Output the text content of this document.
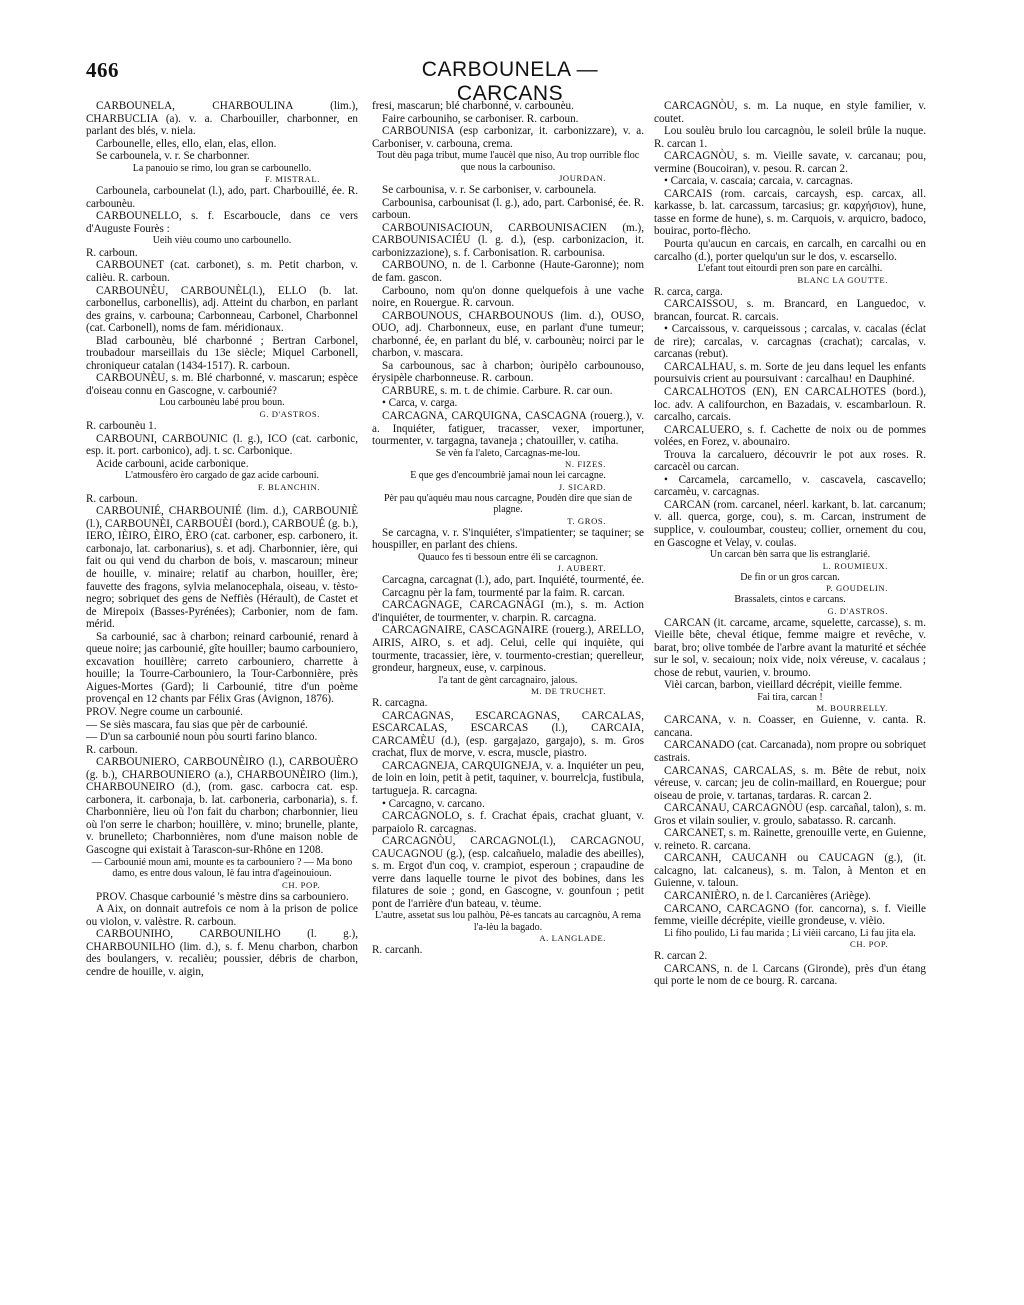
466	CARBOUNELA — CARCANS

CARBOUNELA, CHARBOULINA (lim.), CHARBUCLIA (a). v. a. Charbouiller, charbonner, en parlant des blés, v. niela.

Carbounelle, elles, ello, elan, elas, ellon.

Se carbounela, v. r. Se charbonner.

La panouio se rimo, lou gran se carbounello.

F. MISTRAL.

Carbounela, carbounelat (l.), ado, part. Charbouillé, ée. R. carbounèu.

CARBOUNELLO, s. f. Escarboucle, dans ce vers d'Auguste Fourès :

Ueih vièu coumo uno carbounello.

R. carboun.

CARBOUNET (cat. carbonet), s. m. Petit charbon, v. calièu. R. carboun.

CARBOUNÈU, CARBOUNÈL(l.), ELLO (b. lat. carbonellus, carbonellis), adj. Atteint du charbon, en parlant des grains, v. carbouna; Carbonneau, Carbonel, Charbonnel (cat. Carbonell), noms de fam. méridionaux.

Blad carbounèu, blé charbonné ; Bertran Carbonel, troubadour marseillais du 13e siècle; Miquel Carbonell, chroniqueur catalan (1434-1517). R. carboun.

CARBOUNÈU, s. m. Blé charbonné, v. mascarun; espèce d'oiseau connu en Gascogne, v. carbounié?

Lou carbounèu labé prou boun.

G. D'ASTROS.

R. carbounèu 1.

CARBOUNI, CARBOUNIC (l. g.), ICO (cat. carbonic, esp. it. port. carbonico), adj. t. sc. Carbonique.

Acide carbouni, acide carbonique.

L'atmousfèro èro cargado de gaz acide carbouni.

F. BLANCHIN.

R. carboun.

CARBOUNIÉ, CHARBOUNIÉ (lim. d.), CARBOUNIÈ (l.), CARBOUNÈI, CARBOUÈI (bord.), CARBOUÉ (g. b.), IERO, IÈIRO, ÈIRO, ÈRO (cat. carboner, esp. carbonero, it. carbonajo, lat. carbonarius), s. et adj. Charbonnier, ière, qui fait ou qui vend du charbon de bois, v. mascaroun; mineur de houille, v. minaire; relatif au charbon, houiller, ère; fauvette des fragons, sylvia melanocephala, oiseau, v. tèsto-negro; sobriquet des gens de Neffiès (Hérault), de Castet et de Mirepoix (Basses-Pyrénées); Carbonier, nom de fam. mérid.

Sa carbounié, sac à charbon; reinard carbounié, renard à queue noire; jas carbounié, gîte houiller; baumo carbouniero, excavation houillère; carreto carbouniero, charrette à houille; la Tourre-Carbouniero, la Tour-Carbonnière, près Aigues-Mortes (Gard); li Carbounié, titre d'un poème provençal en 12 chants par Félix Gras (Avignon, 1876).

PROV. Negre coume un carbounié.

— Se siès mascara, fau sias que pèr de carbounié.

— D'un sa carbounié noun pòu sourti farino blanco.

R. carboun.

CARBOUNIERO, CARBOUNÈIRO (l.), CARBOUÈRO (g. b.), CHARBOUNIERO (a.), CHARBOUNÈIRO (lim.), CHARBOUNEIRO (d.), (rom. gasc. carbocra cat. esp. carbonera, it. carbonaja, b. lat. carboneria, carbonaria), s. f. Charbonnière, lieu où l'on fait du charbon; charbonnier, lieu où l'on serre le charbon; houillère, v. mino; brunelle, plante, v. brunelleto; Charbonnières, nom d'une maison noble de Gascogne qui existait à Tarascon-sur-Rhône en 1208.

— Carbounié moun ami, mounte es ta carbouniero ? — Ma bono damo, es entre dous valoun, Iè fau intra d'ageinouioun.

CH. POP.

PROV. Chasque carbounié 's mèstre dins sa carbouniero.

A Aix, on donnait autrefois ce nom à la prison de police ou violon, v. valèstre. R. carboun.

CARBOUNIHO, CARBOUNILHO (l. g.), CHARBOUNILHO (lim. d.), s. f. Menu charbon, charbon des boulangers, v. recalièu; poussier, débris de charbon, cendre de houille, v. aigin,

fresi, mascarun; blé charbonné, v. carbounèu.

Faire carbouniho, se carboniser. R. carboun.

CARBOUNISA (esp carbonizar, it. carbonizzare), v. a. Carboniser, v. carbouna, crema.

Tout dèu paga tribut, mume l'aucèl que niso, Au trop ourrible floc que nous la carbouniso.

JOURDAN.

Se carbounisa, v. r. Se carboniser, v. carbounela.

Carbounisa, carbounisat (l. g.), ado, part. Carbonisé, ée. R. carboun.

CARBOUNISACIOUN, CARBOUNISACIEN (m.), CARBOUNISACIÉU (l. g. d.), (esp. carbonizacion, it. carbonizzazione), s. f. Carbonisation. R. carbounisa.

CARBOUNO, n. de l. Carbonne (Haute-Garonne); nom de fam. gascon.

Carbouno, nom qu'on donne quelquefois à une vache noire, en Rouergue. R. carvoun.

CARBOUNOUS, CHARBOUNOUS (lim. d.), OUSO, OUO, adj. Charbonneux, euse, en parlant d'une tumeur; charbonné, ée, en parlant du blé, v. carbounèu; noirci par le charbon, v. mascara.

Sa carbounous, sac à charbon; òuripèlo carbounouso, érysipèle charbonneuse. R. carboun.

CARBURE, s. m. t. de chimie. Carbure. R. car oun.

• Carca, v. carga.

CARCAGNA, CARQUIGNA, CASCAGNA (rouerg.), v. a. Inquiéter, fatiguer, tracasser, vexer, importuner, tourmenter, v. targagna, tavanejа ; chatouiller, v. catiha.

Se vèn fa l'aleto, Carcagnas-me-lou.

N. FIZES.

E que ges d'encoumbriè jamai noun lei carcagne.

J. SICARD.

Pèr pau qu'aquéu mau nous carcagne, Poudèn dire que sian de plagne.

T. GROS.

Se carcagna, v. r. S'inquiéter, s'impatienter; se taquiner; se houspiller, en parlant des chiens.

Quauco fes ti bessoun entre éli se carcagnon.

J. AUBERT.

Carcagna, carcagnat (l.), ado, part. Inquiété, tourmenté, ée.

Carcagnu pèr la fam, tourmenté par la faim. R. carcan.

CARCAGNAGE, CARCAGNÀGI (m.), s. m. Action d'inquiéter, de tourmenter, v. charpin. R. carcagna.

CARCAGNAIRE, CASCAGNAIRE (rouerg.), ARELLO, AIRIS, AIRO, s. et adj. Celui, celle qui inquiète, qui tourmente, tracassier, ière, v. tourmento-crestian; querelleur, grondeur, hargneux, euse, v. carpinous.

l'a tant de gènt carcagnairo, jalous.

M. DE TRUCHET.

R. carcagna.

CARCAGNAS, ESCARCAGNAS, CARCALAS, ESCARCALAS, ESCARCAS (l.), CARCAIA, CARCAMÈU (d.), (esp. gargajazo, gargajo), s. m. Gros crachat, flux de morve, v. escra, muscle, piastro.

CARCAGNEJA, CARQUIGNEJA, v. a. Inquiéter un peu, de loin en loin, petit à petit, taquiner, v. bourrelcja, fustibula, tartugueja. R. carcagna.

• Carcagno, v. carcano.

CARCAGNOLO, s. f. Crachat épais, crachat gluant, v. parpaiolo R. carcagnas.

CARCAGNÒU, CARCAGNOL(l.), CARCAGNOU, CAUCAGNOU (g.), (esp. calcañuelo, maladie des abeilles), s. m. Ergot d'un coq, v. crampiot, esperoun ; crapaudine de verre dans laquelle tourne le pivot des bobines, dans les filatures de soie ; gond, en Gascogne, v. gounfoun ; petit pont de l'arrière d'un bateau, v. tèume.

L'autre, assetat sus lou palhòu, Pè-es tancats au carcagnòu, A rema l'a-lèu la bagado.

A. LANGLADE.

R. carcanh.

CARCAGNÒU, s. m. La nuque, en style familier, v. coutet.

Lou soulèu brulo lou carcagnòu, le soleil brûle la nuque. R. carcan 1.

CARCAGNÒU, s. m. Vieille savate, v. carcanau; pou, vermine (Boucoiran), v. pesou. R. carcan 2.

• Carcaia, v. cascaia; carcaia, v. carcagnas.

CARCAIS (rom. carcais, carcaysh, esp. carcax, all. karkasse, b. lat. carcassum, tarcasius; gr. καρχήσιον), hune, tasse en forme de hune), s. m. Carquois, v. arquicro, badoco, bouirac, porto-flècho.

Pourta qu'aucun en carcais, en carcalh, en carcalhi ou en carcalho (d.), porter quelqu'un sur le dos, v. escarsello.

L'efant tout eitourdi pren son pare en carcàlhi.

BLANC LA GOUTTE.

R. carca, carga.

CARCAISSOU, s. m. Brancard, en Languedoc, v. brancan, fourcat. R. carcais.

• Carcaissous, v. carqueissous ; carcalas, v. cacalas (éclat de rire); carcalas, v. carcagnas (crachat); carcalas, v. carcanas (rebut).

CARCALHAU, s. m. Sorte de jeu dans lequel les enfants poursuivis crient au poursuivant : carcalhau! en Dauphiné.

CARCALHOTOS (EN), EN CARCALHOTES (bord.), loc. adv. A califourchon, en Bazadais, v. escambarloun. R. carcalho, carcais.

CARCALUERO, s. f. Cachette de noix ou de pommes volées, en Forez, v. abounairo.

Trouva la carcaluero, découvrir le pot aux roses. R. carcacèl ou carcan.

• Carcamela, carcamello, v. cascavela, cascavello; carcamèu, v. carcagnas.

CARCAN (rom. carcanel, néerl. karkant, b. lat. carcanum; v. all. querca, gorge, cou), s. m. Carcan, instrument de supplice, v. couloumbar, cousteu; collier, ornement du cou, en Gascogne et Velay, v. coulas.

Un carcan bèn sarra que lis estranglarié.

L. ROUMIEUX.

De fin or un gros carcan.

P. GOUDELIN.

Brassalets, cintos e carcans.

G. D'ASTROS.

CARCAN (it. carcame, arcame, squelette, carcasse), s. m. Vieille bête, cheval étique, femme maigre et revêche, v. barat, bro; olive tombée de l'arbre avant la maturité et séchée sur le sol, v. secaioun; noix vide, noix véreuse, v. cacalaus ; chose de rebut, vaurien, v. broumo.

Vièi carcan, barbon, vieillard décrépit, vieille femme.

Fai tira, carcan !

M. BOURRELLY.

CARCANA, v. n. Coasser, en Guienne, v. canta. R. cancana.

CARCANADO (cat. Carcanada), nom propre ou sobriquet castrais.

CARCANAS, CARCALAS, s. m. Bête de rebut, noix véreuse, v. carcan; jeu de colin-maillard, en Rouergue; pour oiseau de proie, v. tartanas, tardaras. R. carcan 2.

CARCANAU, CARCAGNÒU (esp. carcañal, talon), s. m. Gros et vilain soulier, v. groulo, sabatasso. R. carcanh.

CARCANET, s. m. Rainette, grenouille verte, en Guienne, v. reineto. R. carcana.

CARCANH, CAUCANH ou CAUCAGN (g.), (it. calcagno, lat. calcaneus), s. m. Talon, à Menton et en Guienne, v. taloun.

CARCANIÈRO, n. de l. Carcanières (Ariège).

CARCANO, CARCAGNO (for. cancorna), s. f. Vieille femme, vieille décrépite, vieille grondeuse, v. vièio.

Li fiho poulido, Li fau marida ; Li vièii carcano, Li fau jita ela.

CH. POP.

R. carcan 2.

CARCANS, n. de l. Carcans (Gironde), près d'un étang qui porte le nom de ce bourg. R. carcana.
